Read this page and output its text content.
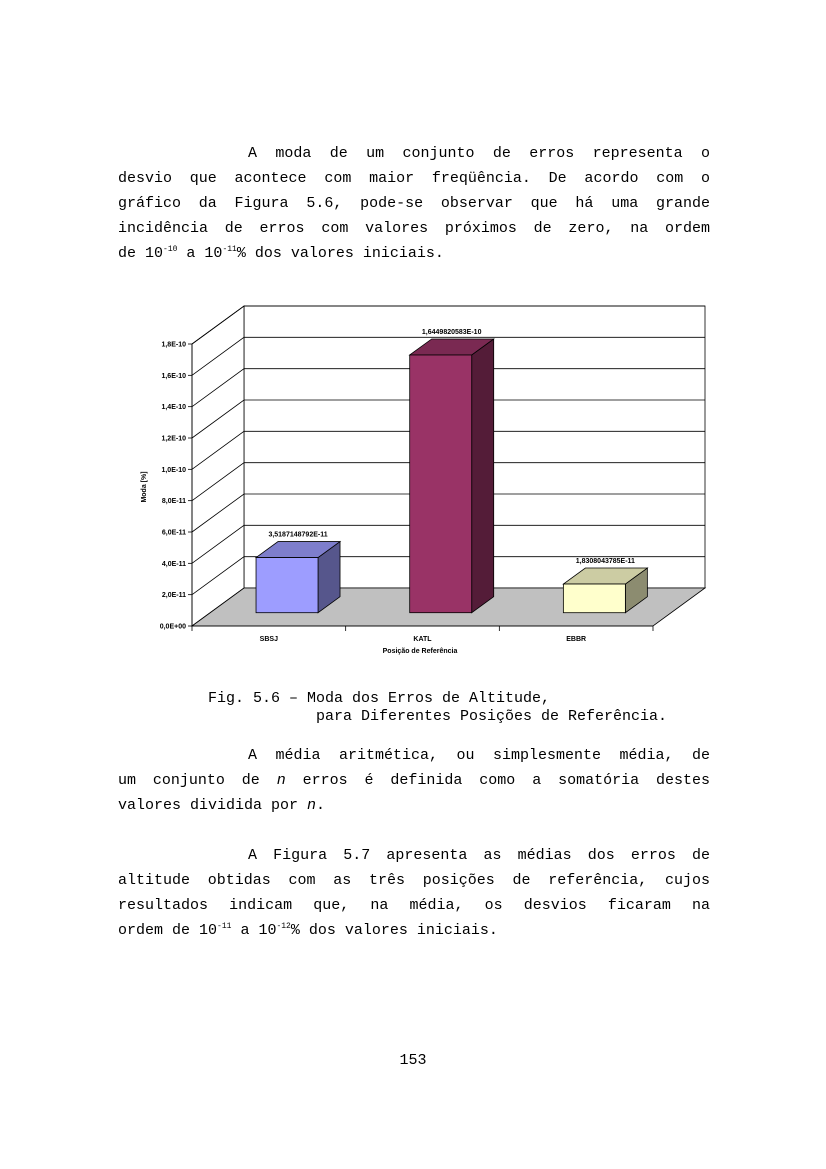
A moda de um conjunto de erros representa o
desvio que acontece com maior freqüência. De acordo com o
gráfico da Figura 5.6, pode-se observar que há uma grande
incidência de erros com valores próximos de zero, na ordem
de $10^{-10}$ a $10^{-11}\%$ dos valores iniciais.
0,0E+00
2,0E-11
4,0E-11
6,0E-11
8,0E-11
1,0E-10
1,2E-10
1,4E-10
1,6E-10
1,8E-10
3,5187148792E-11
1,6449820583E-10
1,8308043785E-11
SBSJ	KATL	EBBR
Moda [%]
Posição de Referência
Fig. 5.6 – Moda dos Erros de Altitude,
para Diferentes Posições de Referência.
A média aritmética, ou simplesmente média, de
um conjunto de n erros é definida como a somatória destes
valores dividida por n.
A Figura 5.7 apresenta as médias dos erros de
altitude obtidas com as três posições de referência, cujos
resultados indicam que, na média, os desvios ficaram na
ordem de $10^{-11}$ a $10^{-12}\%$ dos valores iniciais.
153
